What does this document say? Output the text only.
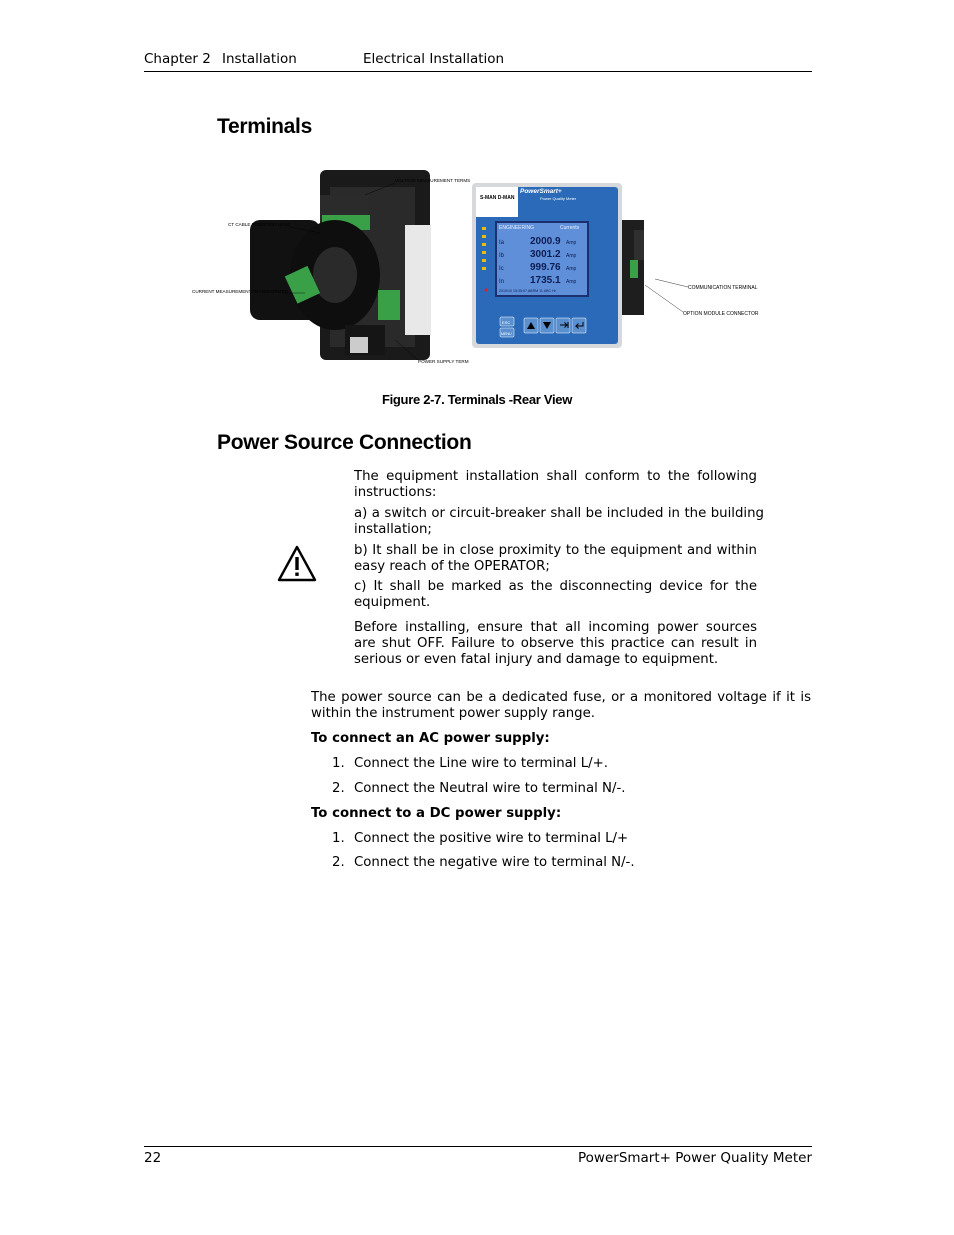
Chapter 2 Installation	Electrical Installation
Terminals
VOLTAGE MEASUREMENT TERMS
CT CABLE INSERTION HOLE
CURRENT MEASUREMENT TRANSFORMER
POWER SUPPLY TERM
S-MAN D-MAN
PowerSmart+
Power Quality Meter
ENGINEERING	Currents
Ia	2000.9 Amp
Ib	3001.2 Amp
Ic	999.76 Amp
In	1735.1 Amp
2010/10 15:35:07 ABRM 11 ABC Hr
ESC
MENU
COMMUNICATION TERMINAL
OPTION MODULE CONNECTOR
Figure 2-7. Terminals -Rear View
Power Source Connection

The equipment installation shall conform to the following instructions:

a) a switch or circuit-breaker shall be included in the building installation;

b) It shall be in close proximity to the equipment and within easy reach of the OPERATOR;

c) It shall be marked as the disconnecting device for the equipment.

Before installing, ensure that all incoming power sources are shut OFF. Failure to observe this practice can result in serious or even fatal injury and damage to equipment.

The power source can be a dedicated fuse, or a monitored voltage if it is within the instrument power supply range.

To connect an AC power supply:

1. Connect the Line wire to terminal L/+.

2. Connect the Neutral wire to terminal N/-.

To connect to a DC power supply:

1. Connect the positive wire to terminal L/+

2. Connect the negative wire to terminal N/-.

22	PowerSmart+ Power Quality Meter
